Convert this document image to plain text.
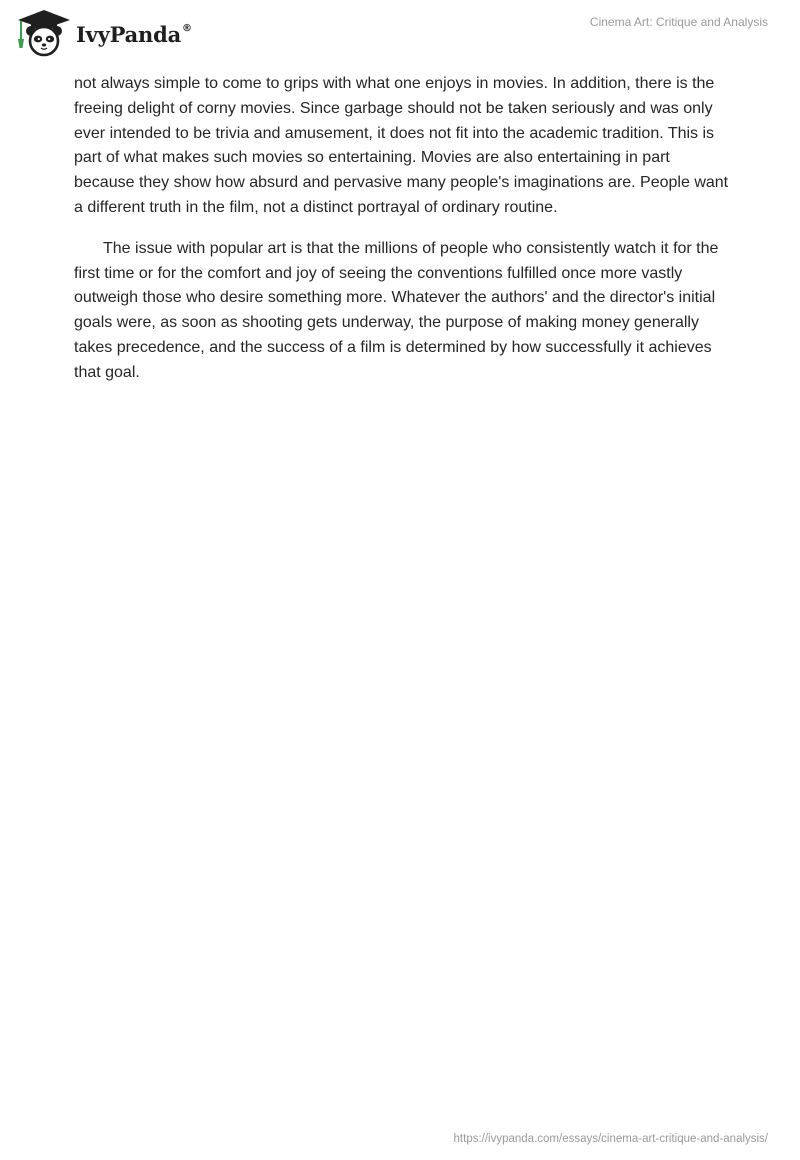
IvyPanda®	Cinema Art: Critique and Analysis

not always simple to come to grips with what one enjoys in movies. In addition, there is the freeing delight of corny movies. Since garbage should not be taken seriously and was only ever intended to be trivia and amusement, it does not fit into the academic tradition. This is part of what makes such movies so entertaining. Movies are also entertaining in part because they show how absurd and pervasive many people's imaginations are. People want a different truth in the film, not a distinct portrayal of ordinary routine.

The issue with popular art is that the millions of people who consistently watch it for the first time or for the comfort and joy of seeing the conventions fulfilled once more vastly outweigh those who desire something more. Whatever the authors' and the director's initial goals were, as soon as shooting gets underway, the purpose of making money generally takes precedence, and the success of a film is determined by how successfully it achieves that goal.

https://ivypanda.com/essays/cinema-art-critique-and-analysis/
